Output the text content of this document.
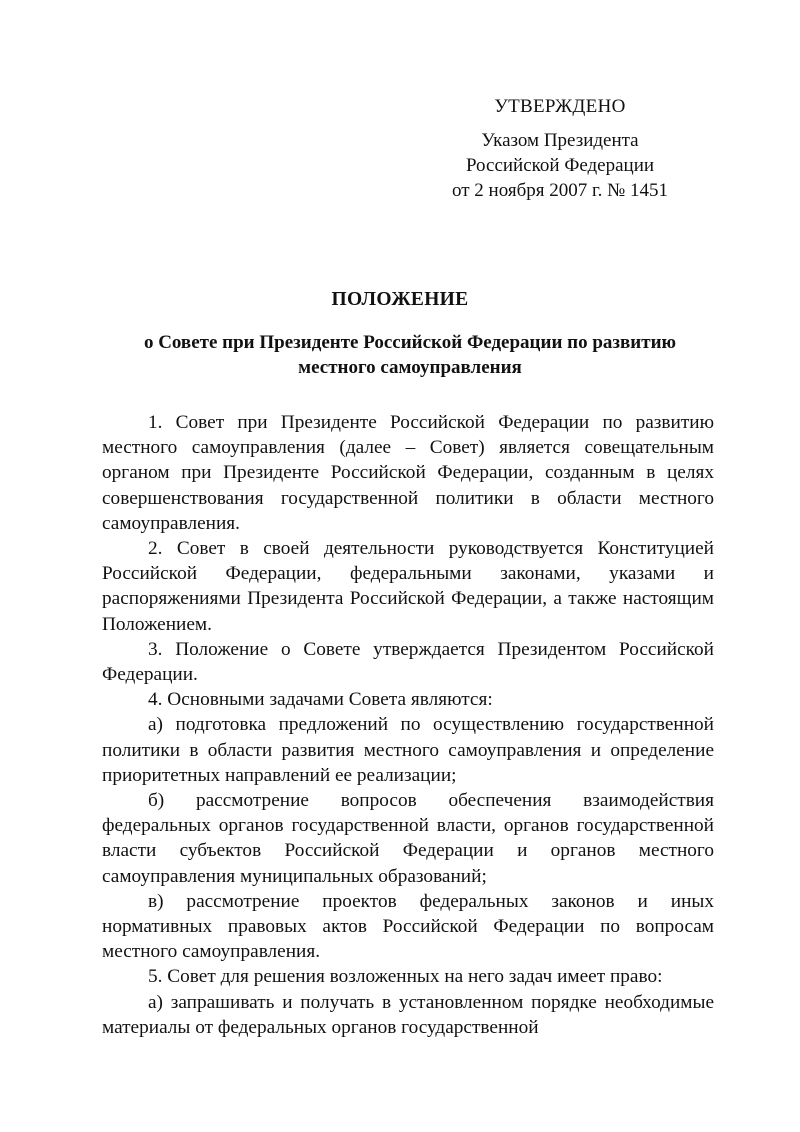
УТВЕРЖДЕНО
Указом Президента
Российской Федерации
от 2 ноября 2007 г. № 1451
ПОЛОЖЕНИЕ
о Совете при Президенте Российской Федерации по развитию
местного самоуправления

1. Совет при Президенте Российской Федерации по развитию местного самоуправления (далее – Совет) является совещательным органом при Президенте Российской Федерации, созданным в целях совершенствования государственной политики в области местного самоуправления.

2. Совет в своей деятельности руководствуется Конституцией Российской Федерации, федеральными законами, указами и распоряжениями Президента Российской Федерации, а также настоящим Положением.

3. Положение о Совете утверждается Президентом Российской Федерации.

4. Основными задачами Совета являются:

а) подготовка предложений по осуществлению государственной политики в области развития местного самоуправления и определение приоритетных направлений ее реализации;

б) рассмотрение вопросов обеспечения взаимодействия федеральных органов государственной власти, органов государственной власти субъектов Российской Федерации и органов местного самоуправления муниципальных образований;

в) рассмотрение проектов федеральных законов и иных нормативных правовых актов Российской Федерации по вопросам местного самоуправления.

5. Совет для решения возложенных на него задач имеет право:

а) запрашивать и получать в установленном порядке необходимые материалы от федеральных органов государственной
